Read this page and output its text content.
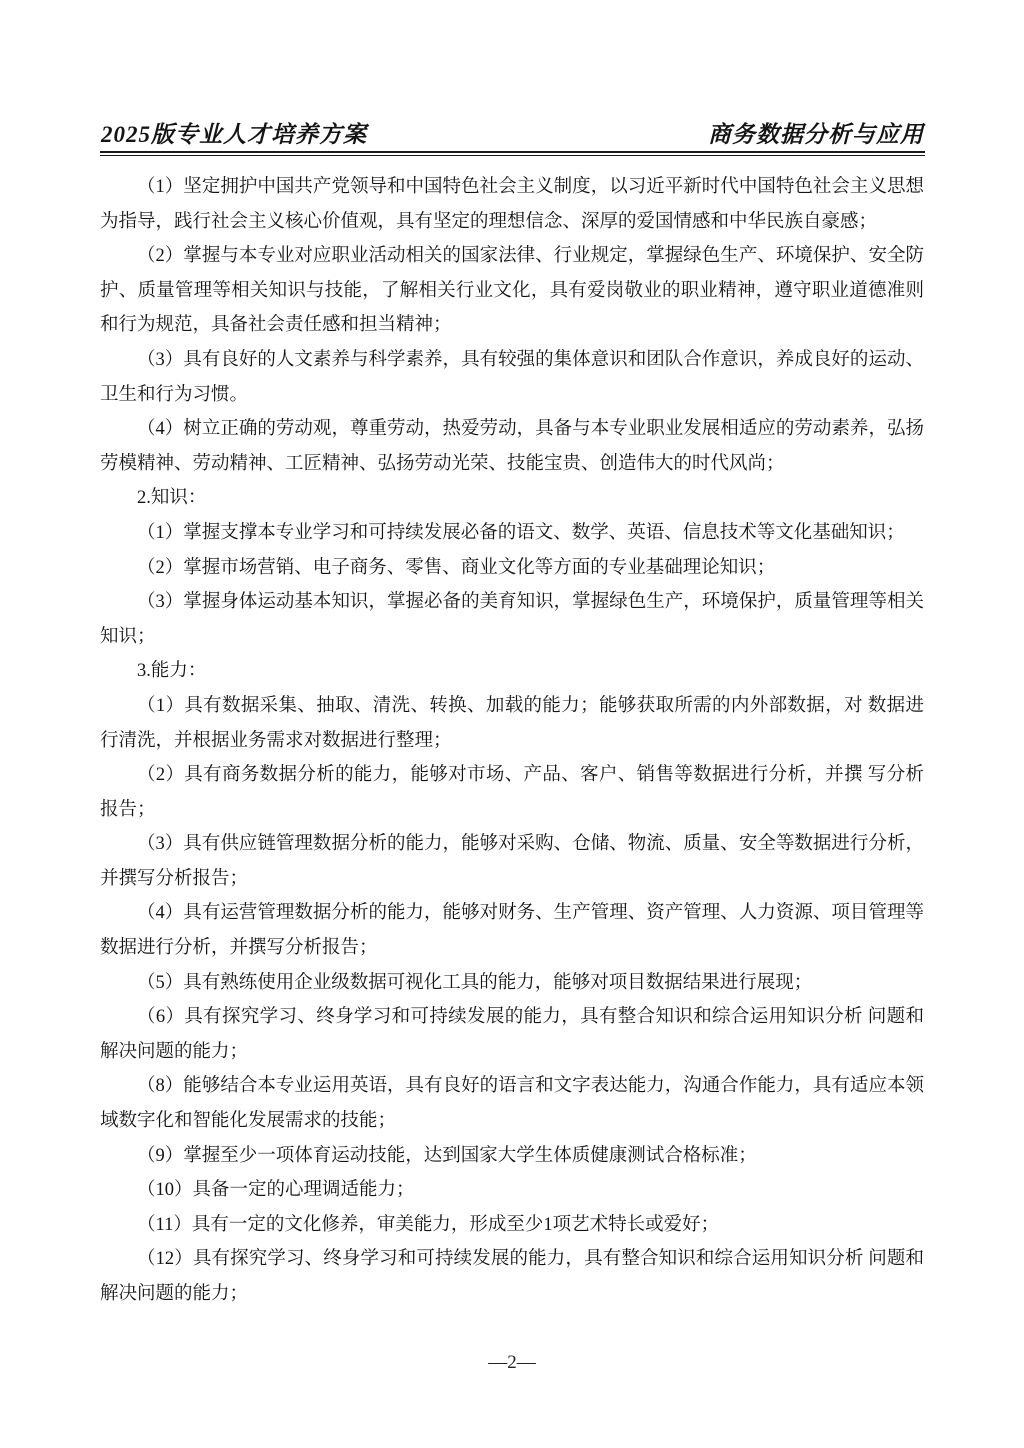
2025版专业人才培养方案	商务数据分析与应用

（1）坚定拥护中国共产党领导和中国特色社会主义制度，以习近平新时代中国特色社会主义思想为指导，践行社会主义核心价值观，具有坚定的理想信念、深厚的爱国情感和中华民族自豪感；

（2）掌握与本专业对应职业活动相关的国家法律、行业规定，掌握绿色生产、环境保护、安全防护、质量管理等相关知识与技能，了解相关行业文化，具有爱岗敬业的职业精神，遵守职业道德准则和行为规范，具备社会责任感和担当精神；

（3）具有良好的人文素养与科学素养，具有较强的集体意识和团队合作意识，养成良好的运动、卫生和行为习惯。

（4）树立正确的劳动观，尊重劳动，热爱劳动，具备与本专业职业发展相适应的劳动素养，弘扬劳模精神、劳动精神、工匠精神、弘扬劳动光荣、技能宝贵、创造伟大的时代风尚；

2.知识：

（1）掌握支撑本专业学习和可持续发展必备的语文、数学、英语、信息技术等文化基础知识；

（2）掌握市场营销、电子商务、零售、商业文化等方面的专业基础理论知识；

（3）掌握身体运动基本知识，掌握必备的美育知识，掌握绿色生产，环境保护，质量管理等相关知识；

3.能力：

（1）具有数据采集、抽取、清洗、转换、加载的能力；能够获取所需的内外部数据，对 数据进行清洗，并根据业务需求对数据进行整理；

（2）具有商务数据分析的能力，能够对市场、产品、客户、销售等数据进行分析，并撰 写分析报告；

（3）具有供应链管理数据分析的能力，能够对采购、仓储、物流、质量、安全等数据进行分析，并撰写分析报告；

（4）具有运营管理数据分析的能力，能够对财务、生产管理、资产管理、人力资源、项目管理等数据进行分析，并撰写分析报告；

（5）具有熟练使用企业级数据可视化工具的能力，能够对项目数据结果进行展现；

（6）具有探究学习、终身学习和可持续发展的能力，具有整合知识和综合运用知识分析 问题和解决问题的能力；

（8）能够结合本专业运用英语，具有良好的语言和文字表达能力，沟通合作能力，具有适应本领域数字化和智能化发展需求的技能；

（9）掌握至少一项体育运动技能，达到国家大学生体质健康测试合格标准；

（10）具备一定的心理调适能力；

（11）具有一定的文化修养，审美能力，形成至少1项艺术特长或爱好；

（12）具有探究学习、终身学习和可持续发展的能力，具有整合知识和综合运用知识分析 问题和解决问题的能力；

—2—
